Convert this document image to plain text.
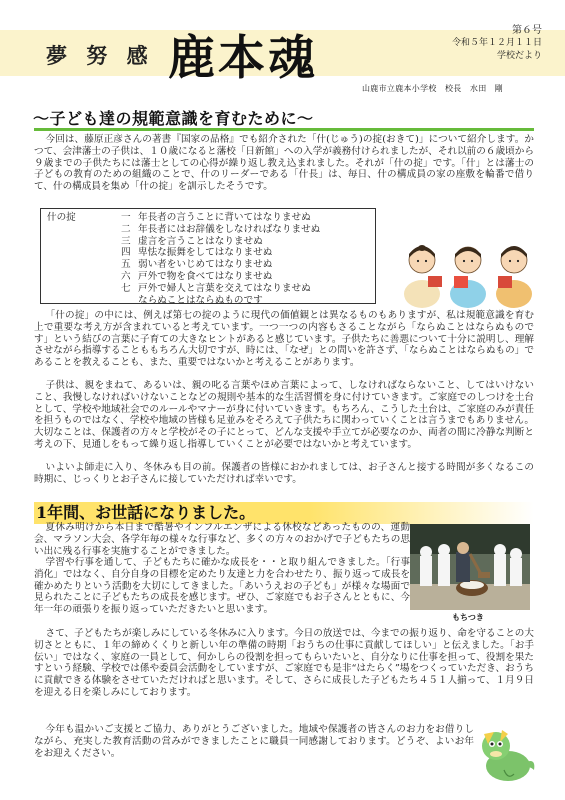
夢 努 感 鹿本魂
第６号
令和５年１２月１１日
学校だより
山鹿市立鹿本小学校　校長　水田　剛
～子ども達の規範意識を育むために～
今回は、藤原正彦さんの著書『国家の品格』でも紹介された「什(じゅう)の掟(おきて)」について紹介します。かつて、会津藩士の子供は、１０歳になると藩校「日新館」への入学が義務付けられましたが、それ以前の６歳頃から９歳までの子供たちには藩士としての心得が繰り返し教え込まれました。それが「什の掟」です。「什」とは藩士の子どもの教育のための組織のことで、什のリーダーである「什長」は、毎日、什の構成員の家の座敷を輪番で借りて、什の構成員を集め「什の掟」を訓示したそうです。
什の掟	一 年長者の言うことに背いてはなりませぬ
二 年長者にはお辞儀をしなければなりませぬ
三 虚言を言うことはなりませぬ
四 卑怯な振舞をしてはなりませぬ
五 弱い者をいじめてはなりませぬ
六 戸外で物を食べてはなりませぬ
七 戸外で婦人と言葉を交えてはなりませぬ
ならぬことはならぬものです
「什の掟」の中には、例えば第七の掟のように現代の価値観とは異なるものもありますが、私は規範意識を育む上で重要な考え方が含まれていると考えています。一つ一つの内容もさることながら「ならぬことはならぬものです」という結びの言葉に子育ての大きなヒントがあると感じています。子供たちに善悪について十分に説明し、理解させながら指導することももちろん大切ですが、時には、「なぜ」との問いを許さず、「ならぬことはならぬもの」であることを教えることも、また、重要ではないかと考えることがあります。
子供は、親をまねて、あるいは、親の叱る言葉やほめ言葉によって、しなければならないこと、してはいけないこと、我慢しなければいけないことなどの規則や基本的な生活習慣を身に付けていきます。ご家庭でのしつけを土台として、学校や地域社会でのルールやマナーが身に付いていきます。もちろん、こうした土台は、ご家庭のみが責任を担うものではなく、学校や地域の皆様も足並みをそろえて子供たちに関わっていくことは言うまでもありません。大切なことは、保護者の方々と学校がその子にとって、どんな支援や手立てが必要なのか、両者の間に冷静な判断と考えの下、見通しをもって繰り返し指導していくことが必要ではないかと考えています。
いよいよ師走に入り、冬休みも目の前。保護者の皆様におかれましては、お子さんと接する時間が多くなるこの時期に、じっくりとお子さんに接していただければ幸いです。
1年間、お世話になりました。
夏休み明けから本日まで酷暑やインフルエンザによる休校などあったものの、運動会、マラソン大会、各学年毎の様々な行事など、多くの方々のおかげで子どもたちの思い出に残る行事を実施することができました。
学習や行事を通して、子どもたちに確かな成長を・・と取り組んできました。「行事消化」ではなく、自分自身の目標を定めたり友達と力を合わせたり、振り返って成長を確かめたりという活動を大切にしてきました。「あいうえおの子ども」が様々な場面で見られたことに子どもたちの成長を感じます。ぜひ、ご家庭でもお子さんとともに、今年一年の頑張りを振り返っていただきたいと思います。
もちつき
さて、子どもたちが楽しみにしている冬休みに入ります。今日の放送では、今までの振り返り、命を守ることの大切さとともに、１年の締めくくりと新しい年の準備の時期「おうちの仕事に貢献してほしい」と伝えました。「お手伝い」ではなく、家庭の一員として、何かしらの役割を担ってもらいたいと、自分なりに仕事を担って、役割を果たすという経験、学校では係や委員会活動をしていますが、ご家庭でも是非“はたらく”場をつくっていただき、おうちに貢献できる体験をさせていただければと思います。そして、さらに成長した子どもたち４５１人揃って、１月９日を迎える日を楽しみにしております。
今年も温かいご支援とご協力、ありがとうございました。地域や保護者の皆さんのお力をお借りしながら、充実した教育活動の営みができましたことに職員一同感謝しております。どうぞ、よいお年をお迎えください。
